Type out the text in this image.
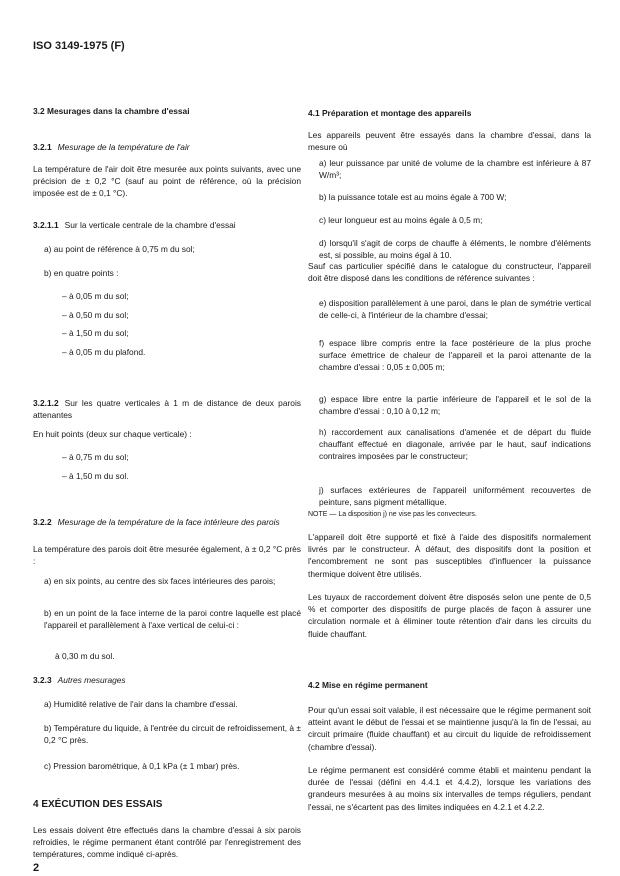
ISO 3149-1975 (F)
3.2 Mesurages dans la chambre d'essai
3.2.1 Mesurage de la température de l'air
La température de l'air doit être mesurée aux points suivants, avec une précision de ± 0,2 °C (sauf au point de référence, où la précision imposée est de ± 0,1 °C).
3.2.1.1 Sur la verticale centrale de la chambre d'essai
a) au point de référence à 0,75 m du sol;
b) en quatre points :
– à 0,05 m du sol;
– à 0,50 m du sol;
– à 1,50 m du sol;
– à 0,05 m du plafond.
3.2.1.2 Sur les quatre verticales à 1 m de distance de deux parois attenantes
En huit points (deux sur chaque verticale) :
– à 0,75 m du sol;
– à 1,50 m du sol.
3.2.2 Mesurage de la température de la face intérieure des parois
La température des parois doit être mesurée également, à ± 0,2 °C près :
a) en six points, au centre des six faces intérieures des parois;
b) en un point de la face interne de la paroi contre laquelle est placé l'appareil et parallèlement à l'axe vertical de celui-ci :
à 0,30 m du sol.
3.2.3 Autres mesurages
a) Humidité relative de l'air dans la chambre d'essai.
b) Température du liquide, à l'entrée du circuit de refroidissement, à ± 0,2 °C près.
c) Pression barométrique, à 0,1 kPa (± 1 mbar) près.
4 EXÉCUTION DES ESSAIS
Les essais doivent être effectués dans la chambre d'essai à six parois refroidies, le régime permanent étant contrôlé par l'enregistrement des températures, comme indiqué ci-après.
2
4.1 Préparation et montage des appareils
Les appareils peuvent être essayés dans la chambre d'essai, dans la mesure où
a) leur puissance par unité de volume de la chambre est inférieure à 87 W/m³;
b) la puissance totale est au moins égale à 700 W;
c) leur longueur est au moins égale à 0,5 m;
d) lorsqu'il s'agit de corps de chauffe à éléments, le nombre d'éléments est, si possible, au moins égal à 10.
Sauf cas particulier spécifié dans le catalogue du constructeur, l'appareil doit être disposé dans les conditions de référence suivantes :
e) disposition parallèlement à une paroi, dans le plan de symétrie vertical de celle-ci, à l'intérieur de la chambre d'essai;
f) espace libre compris entre la face postérieure de la plus proche surface émettrice de chaleur de l'appareil et la paroi attenante de la chambre d'essai : 0,05 ± 0,005 m;
g) espace libre entre la partie inférieure de l'appareil et le sol de la chambre d'essai : 0,10 à 0,12 m;
h) raccordement aux canalisations d'amenée et de départ du fluide chauffant effectué en diagonale, arrivée par le haut, sauf indications contraires imposées par le constructeur;
j) surfaces extérieures de l'appareil uniformément recouvertes de peinture, sans pigment métallique.
NOTE — La disposition j) ne vise pas les convecteurs.
L'appareil doit être supporté et fixé à l'aide des dispositifs normalement livrés par le constructeur. À défaut, des dispositifs dont la position et l'encombrement ne sont pas susceptibles d'influencer la puissance thermique doivent être utilisés.
Les tuyaux de raccordement doivent être disposés selon une pente de 0,5 % et comporter des dispositifs de purge placés de façon à assurer une circulation normale et à éliminer toute rétention d'air dans les circuits du fluide chauffant.
4.2 Mise en régime permanent
Pour qu'un essai soit valable, il est nécessaire que le régime permanent soit atteint avant le début de l'essai et se maintienne jusqu'à la fin de l'essai, au circuit primaire (fluide chauffant) et au circuit du liquide de refroidissement (chambre d'essai).
Le régime permanent est considéré comme établi et maintenu pendant la durée de l'essai (défini en 4.4.1 et 4.4.2), lorsque les variations des grandeurs mesurées à au moins six intervalles de temps réguliers, pendant l'essai, ne s'écartent pas des limites indiquées en 4.2.1 et 4.2.2.
